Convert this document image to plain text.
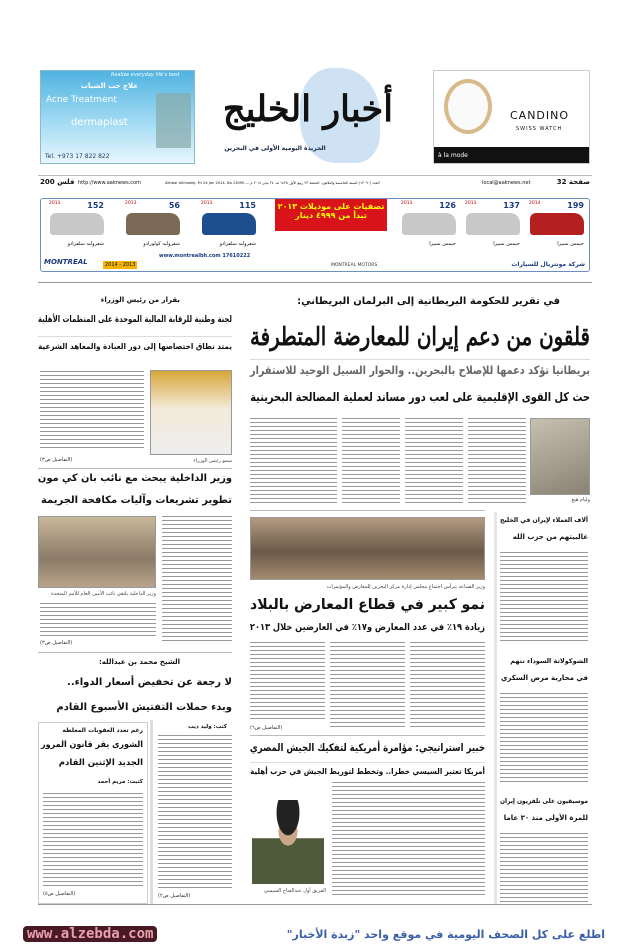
علاج حب الشباب
Acne Treatment
Realize everyday life's best
dermaplast
Tel. +973 17 822 822
أخبار الخليج
الجريدة اليومية الأولى في البحرين
CANDINO
SWISS WATCH
à la mode
32 صفحة
local@aaknews.net
Akhbar Alkhaleej. Fri 24 Jan 2014. No 13090 — العدد (١٣٠٩٠) السنة الخامسة والثلاثون. الجمعة ٢٣ ربيع الأول ١٤٣٥ هـ. ٢٤ يناير ٢٠١٤ م
http://www.aaknews.com
200 فلس
تصفيات على موديلات ٢٠١٣
تبدأ من ٤٩٩٩ دينار
شركة مونتريال للسيارات
MONTREAL MOTORS
www.montrealbh.com 17610222
2014 - 2013
MONTREAL
2014	199
جيمس سييرا
2013	137
جيمس سييرا
2013	126
جيمس سييرا
2013	115
شفروليه سلفرادو
2013	56
شفروليه كولورادو
2013	152
شفروليه سلفرادو
في تقرير للحكومة البريطانية إلى البرلمان البريطاني:
قلقون من دعم إيران للمعارضة المتطرفة
بريطانيا تؤكد دعمها للإصلاح بالبحرين.. والحوار السبيل الوحيد للاستقرار
حث كل القوى الإقليمية على لعب دور مساند لعملية المصالحة البحرينية
وليام هيغ
بقرار من رئيس الوزراء
لجنة وطنية للرقابة المالية الموحدة على المنظمات الأهلية
يمتد نطاق اختصاصها إلى دور العبادة والمعاهد الشرعية
سمو رئيس الوزراء
(التفاصيل ص٣)
وزير الداخلية يبحث مع نائب بان كي مون
تطوير تشريعات وآليات مكافحة الجريمة
وزير الداخلية يلتقي نائب الأمين العام للأمم المتحدة
(التفاصيل ص٣)
الشيخ محمد بن عبدالله:
لا رجعة عن تخفيض أسعار الدواء..
وبدء حملات التفتيش الأسبوع القادم
رغم تعدد العقوبات المغلظة
الشورى يقر قانون المرور
الجديد الإثنين القادم
كتبت: مريم أحمد
(التفاصيل ص٥)
كتب: وليد ذيب
(التفاصيل ص٢)
وزير الصناعة يترأس اجتماع مجلس إدارة مركز البحرين للمعارض والمؤتمرات
نمو كبير في قطاع المعارض بالبلاد
زيادة ١٩٪ في عدد المعارض و١٧٪ في العارضين خلال ٢٠١٣
(التفاصيل ص٦)
خبير استراتيجي: مؤامرة أمريكية لتفكيك الجيش المصري
أمريكا تعتبر السيسي خطرا.. وتخطط لتوريط الجيش في حرب أهلية
الفريق أول عبدالفتاح السيسي
آلاف العملاء لإيران في الخليج
غالبيتهم من حزب الله
الشوكولاتة السوداء تتهم
في محاربة مرض السكري
موسيقيون على تلفزيون إيران
للمرة الأولى منذ ٣٠ عاما
اطلع على كل الصحف اليومية في موقع واحد "زبدة الأخبار"
www.alzebda.com
